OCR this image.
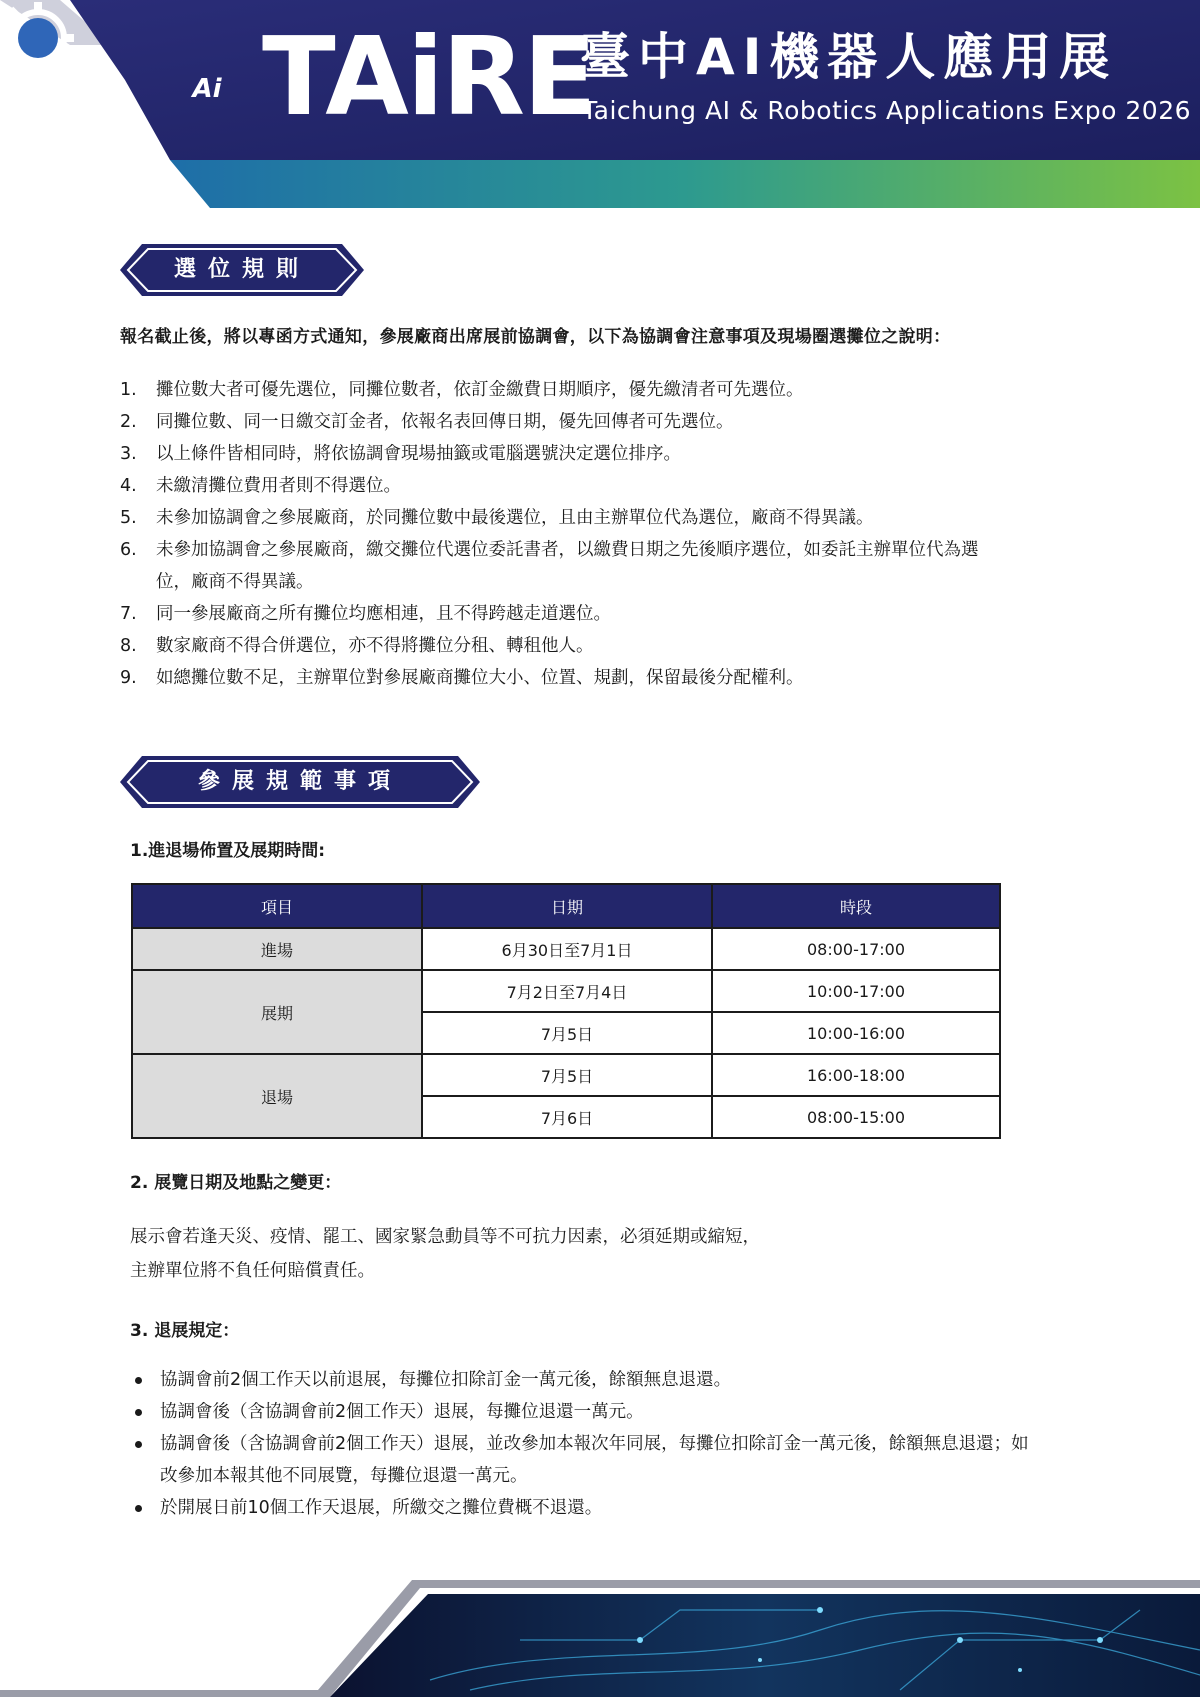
Ai TAiRE
臺中AI機器人應用展
Taichung AI & Robotics Applications Expo 2026
選位規則
報名截止後，將以專函方式通知，參展廠商出席展前協調會，以下為協調會注意事項及現場圈選攤位之說明：
1. 攤位數大者可優先選位，同攤位數者，依訂金繳費日期順序，優先繳清者可先選位。
2. 同攤位數、同一日繳交訂金者，依報名表回傳日期，優先回傳者可先選位。
3. 以上條件皆相同時，將依協調會現場抽籤或電腦選號決定選位排序。
4. 未繳清攤位費用者則不得選位。
5. 未參加協調會之參展廠商，於同攤位數中最後選位，且由主辦單位代為選位，廠商不得異議。
6. 未參加協調會之參展廠商，繳交攤位代選位委託書者，以繳費日期之先後順序選位，如委託主辦單位代為選位，廠商不得異議。
7. 同一參展廠商之所有攤位均應相連，且不得跨越走道選位。
8. 數家廠商不得合併選位，亦不得將攤位分租、轉租他人。
9. 如總攤位數不足，主辦單位對參展廠商攤位大小、位置、規劃，保留最後分配權利。
參展規範事項
1.進退場佈置及展期時間:
項目	日期	時段
進場	6月30日至7月1日	08:00-17:00
展期	7月2日至7月4日	10:00-17:00
	7月5日	10:00-16:00
退場	7月5日	16:00-18:00
	7月6日	08:00-15:00
2. 展覽日期及地點之變更：
展示會若逢天災、疫情、罷工、國家緊急動員等不可抗力因素，必須延期或縮短，
主辦單位將不負任何賠償責任。
3. 退展規定：
協調會前2個工作天以前退展，每攤位扣除訂金一萬元後，餘額無息退還。
協調會後（含協調會前2個工作天）退展，每攤位退還一萬元。
協調會後（含協調會前2個工作天）退展，並改參加本報次年同展，每攤位扣除訂金一萬元後，餘額無息退還；如改參加本報其他不同展覽，每攤位退還一萬元。
於開展日前10個工作天退展，所繳交之攤位費概不退還。
